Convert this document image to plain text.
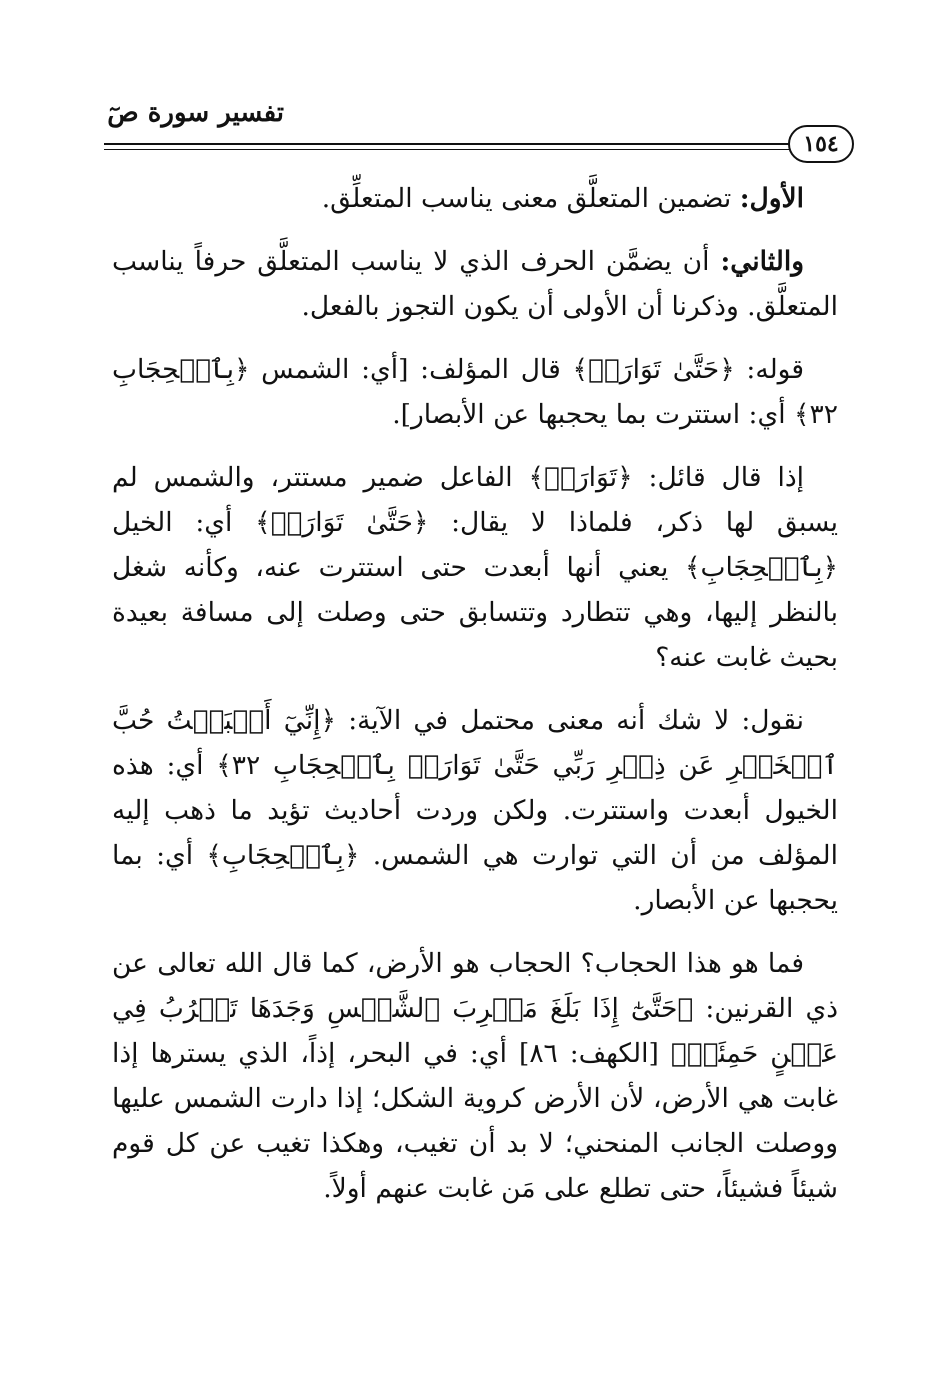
تفسير سورة صٓ
١٥٤

الأول: تضمين المتعلَّق معنى يناسب المتعلِّق.

والثاني: أن يضمَّن الحرف الذي لا يناسب المتعلَّق حرفاً يناسب المتعلَّق. وذكرنا أن الأولى أن يكون التجوز بالفعل.

قوله: ﴿حَتَّىٰ تَوَارَتۡ﴾ قال المؤلف: [أي: الشمس ﴿بِٱلۡحِجَابِ ٣٢﴾ أي: استترت بما يحجبها عن الأبصار].

إذا قال قائل: ﴿تَوَارَتۡ﴾ الفاعل ضمير مستتر، والشمس لم يسبق لها ذكر، فلماذا لا يقال: ﴿حَتَّىٰ تَوَارَتۡ﴾ أي: الخيل ﴿بِٱلۡحِجَابِ﴾ يعني أنها أبعدت حتى استترت عنه، وكأنه شغل بالنظر إليها، وهي تتطارد وتتسابق حتى وصلت إلى مسافة بعيدة بحيث غابت عنه؟

نقول: لا شك أنه معنى محتمل في الآية: ﴿إِنِّيٓ أَحۡبَبۡتُ حُبَّ ٱلۡخَيۡرِ عَن ذِكۡرِ رَبِّي حَتَّىٰ تَوَارَتۡ بِٱلۡحِجَابِ ٣٢﴾ أي: هذه الخيول أبعدت واستترت. ولكن وردت أحاديث تؤيد ما ذهب إليه المؤلف من أن التي توارت هي الشمس. ﴿بِٱلۡحِجَابِ﴾ أي: بما يحجبها عن الأبصار.

فما هو هذا الحجاب؟ الحجاب هو الأرض، كما قال الله تعالى عن ذي القرنين: ﴿حَتَّىٰٓ إِذَا بَلَغَ مَغۡرِبَ ٱلشَّمۡسِ وَجَدَهَا تَغۡرُبُ فِي عَيۡنٍ حَمِئَةٖ﴾ [الكهف: ٨٦] أي: في البحر، إذاً، الذي يسترها إذا غابت هي الأرض، لأن الأرض كروية الشكل؛ إذا دارت الشمس عليها ووصلت الجانب المنحني؛ لا بد أن تغيب، وهكذا تغيب عن كل قوم شيئاً فشيئاً، حتى تطلع على مَن غابت عنهم أولاً.
